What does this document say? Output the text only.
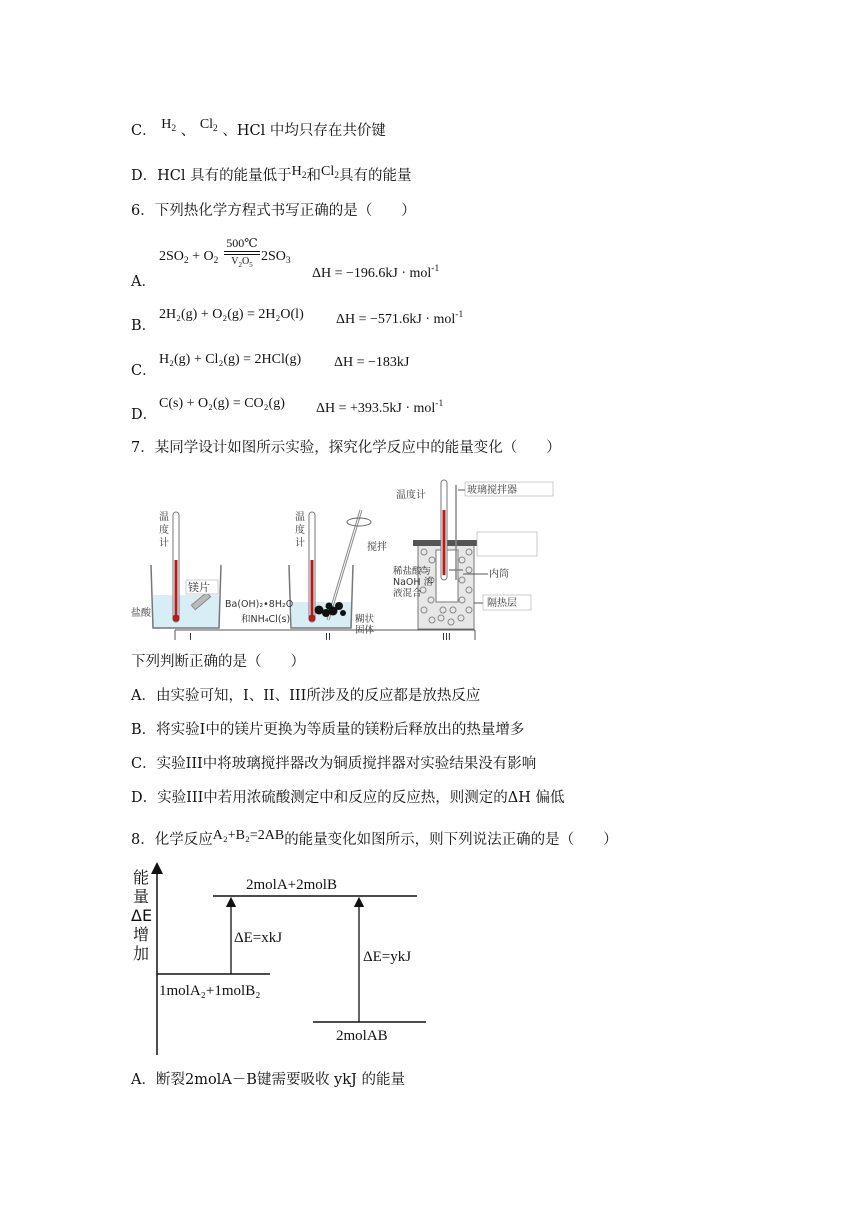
C． $H_2$ 、 $Cl_2$ 、HCl 中均只存在共价键
D．HCl 具有的能量低于$H_2$和$Cl_2$具有的能量
6．下列热化学方程式书写正确的是（　　）
A．
$2SO_2 + O_2$
500℃
$V_2O_5$
$2SO_3$
ΔH = −196.6kJ · mol$^{-1}$
B．
2H₂(g) + O₂(g) = 2H₂O(l) ΔH = −571.6kJ · mol$^{-1}$
C．
H₂(g) + Cl₂(g) = 2HCl(g) ΔH = −183kJ
D．
C(s) + O₂(g) = CO₂(g) ΔH = +393.5kJ · mol$^{-1}$
7．某同学设计如图所示实验，探究化学反应中的能量变化（　　）
温度计
镁片
盐酸
I
温度计	搅拌
Ba(OH)₂•8H₂O
和NH₄Cl(s)	糊状固体
II
温度计	玻璃搅拌器
稀盐酸与 NaOH 溶液混合
内筒
隔热层
III
下列判断正确的是（　　）
A．由实验可知，I、II、III所涉及的反应都是放热反应
B．将实验I中的镁片更换为等质量的镁粉后释放出的热量增多
C．实验III中将玻璃搅拌器改为铜质搅拌器对实验结果没有影响
D．实验III中若用浓硫酸测定中和反应的反应热，则测定的ΔH 偏低
8．化学反应A₂+B₂=2AB的能量变化如图所示，则下列说法正确的是（　　）
能量 ΔE 增加
2molA+2molB
1molA₂+1molB₂
2molAB
ΔE=xkJ
ΔE=ykJ
A．断裂2molA－B键需要吸收 ykJ 的能量
